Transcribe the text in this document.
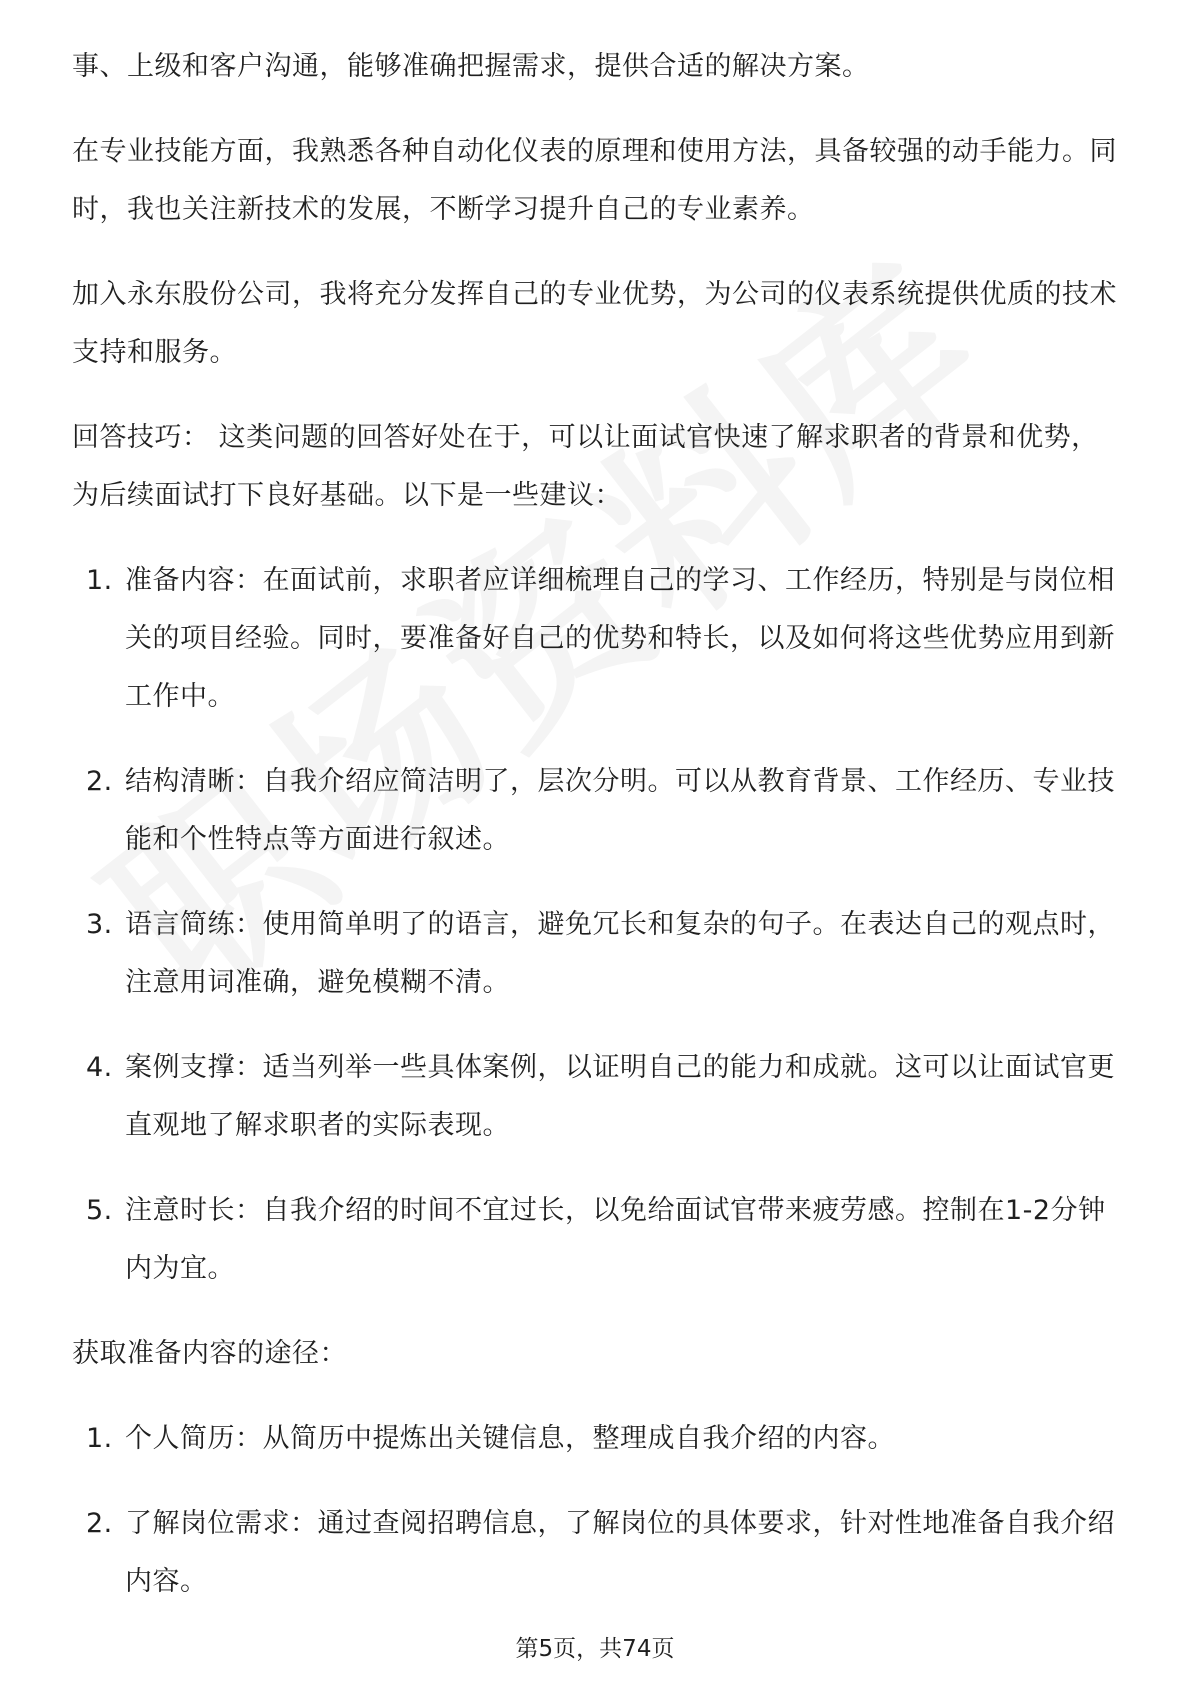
事、上级和客户沟通，能够准确把握需求，提供合适的解决方案。

在专业技能方面，我熟悉各种自动化仪表的原理和使用方法，具备较强的动手能力。同时，我也关注新技术的发展，不断学习提升自己的专业素养。

加入永东股份公司，我将充分发挥自己的专业优势，为公司的仪表系统提供优质的技术支持和服务。

回答技巧： 这类问题的回答好处在于，可以让面试官快速了解求职者的背景和优势，为后续面试打下良好基础。以下是一些建议：

1. 准备内容：在面试前，求职者应详细梳理自己的学习、工作经历，特别是与岗位相关的项目经验。同时，要准备好自己的优势和特长，以及如何将这些优势应用到新工作中。
2. 结构清晰：自我介绍应简洁明了，层次分明。可以从教育背景、工作经历、专业技能和个性特点等方面进行叙述。
3. 语言简练：使用简单明了的语言，避免冗长和复杂的句子。在表达自己的观点时，注意用词准确，避免模糊不清。
4. 案例支撑：适当列举一些具体案例，以证明自己的能力和成就。这可以让面试官更直观地了解求职者的实际表现。
5. 注意时长：自我介绍的时间不宜过长，以免给面试官带来疲劳感。控制在1-2分钟内为宜。

获取准备内容的途径：

1. 个人简历：从简历中提炼出关键信息，整理成自我介绍的内容。
2. 了解岗位需求：通过查阅招聘信息，了解岗位的具体要求，针对性地准备自我介绍内容。
第5页，共74页
